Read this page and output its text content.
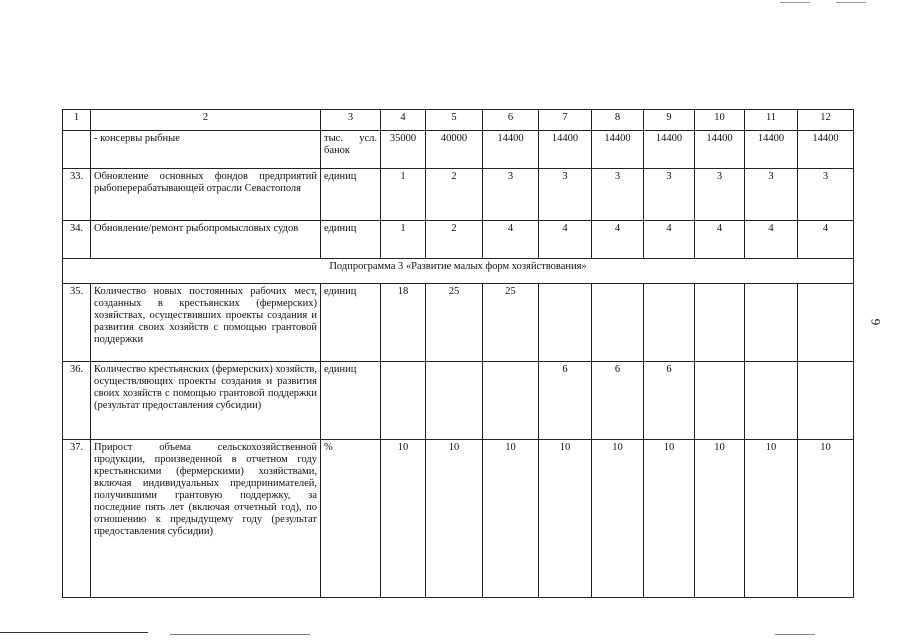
1	2	3	4	5	6	7	8	9	10	11	12
	- консервы рыбные	тыс. усл. банок	35000	40000	14400	14400	14400	14400	14400	14400	14400
33.	Обновление основных фондов предприятий рыбоперерабатывающей отрасли Севастополя	единиц	1	2	3	3	3	3	3	3	3
34.	Обновление/ремонт рыбопромысловых судов	единиц	1	2	4	4	4	4	4	4	4
Подпрограмма 3 «Развитие малых форм хозяйствования»											
35.	Количество новых постоянных рабочих мест, созданных в крестьянских (фермерских) хозяйствах, осуществивших проекты создания и развития своих хозяйств с помощью грантовой поддержки	единиц	18	25	25						
36.	Количество крестьянских (фермерских) хозяйств, осуществляющих проекты создания и развития своих хозяйств с помощью грантовой поддержки (результат предоставления субсидии)	единиц				6	6	6			
37.	Прирост объема сельскохозяйственной продукции, произведенной в отчетном году крестьянскими (фермерскими) хозяйствами, включая индивидуальных предпринимателей, получившими грантовую поддержку, за последние пять лет (включая отчетный год), по отношению к предыдущему году (результат предоставления субсидии)	%	10	10	10	10	10	10	10	10	10
6
